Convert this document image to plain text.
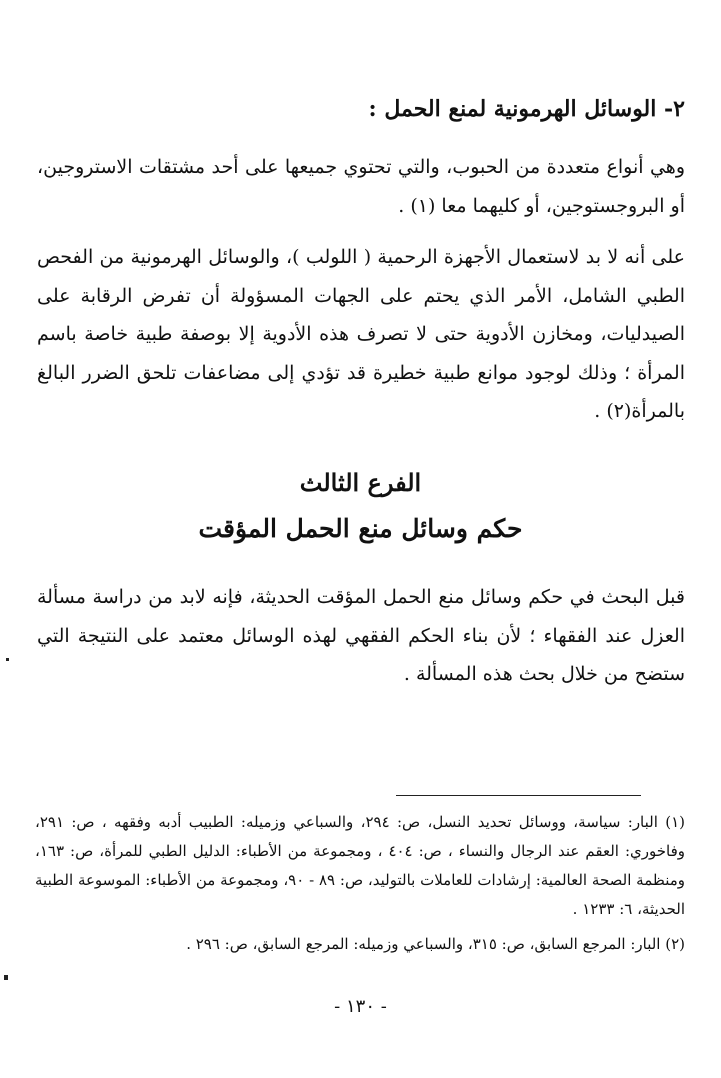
٢- الوسائل الهرمونية لمنع الحمل :

وهي أنواع متعددة من الحبوب، والتي تحتوي جميعها على أحد مشتقات الاستروجين، أو البروجستوجين، أو كليهما معا (١) .

على أنه لا بد لاستعمال الأجهزة الرحمية ( اللولب )، والوسائل الهرمونية من الفحص الطبي الشامل، الأمر الذي يحتم على الجهات المسؤولة أن تفرض الرقابة على الصيدليات، ومخازن الأدوية حتى لا تصرف هذه الأدوية إلا بوصفة طبية خاصة باسم المرأة ؛ وذلك لوجود موانع طبية خطيرة قد تؤدي إلى مضاعفات تلحق الضرر البالغ بالمرأة(٢) .

الفرع الثالث
حكم وسائل منع الحمل المؤقت

قبل البحث في حكم وسائل منع الحمل المؤقت الحديثة، فإنه لابد من دراسة مسألة العزل عند الفقهاء ؛ لأن بناء الحكم الفقهي لهذه الوسائل معتمد على النتيجة التي ستضح من خلال بحث هذه المسألة .

(١) البار: سياسة، ووسائل تحديد النسل، ص: ٢٩٤، والسباعي وزميله: الطبيب أدبه وفقهه ، ص: ٢٩١، وفاخوري: العقم عند الرجال والنساء ، ص: ٤٠٤ ، ومجموعة من الأطباء: الدليل الطبي للمرأة، ص: ١٦٣، ومنظمة الصحة العالمية: إرشادات للعاملات بالتوليد، ص: ٨٩ - ٩٠، ومجموعة من الأطباء: الموسوعة الطبية الحديثة، ٦: ١٢٣٣ .

(٢) البار: المرجع السابق، ص: ٣١٥، والسباعي وزميله: المرجع السابق، ص: ٢٩٦ .

- ١٣٠ -
